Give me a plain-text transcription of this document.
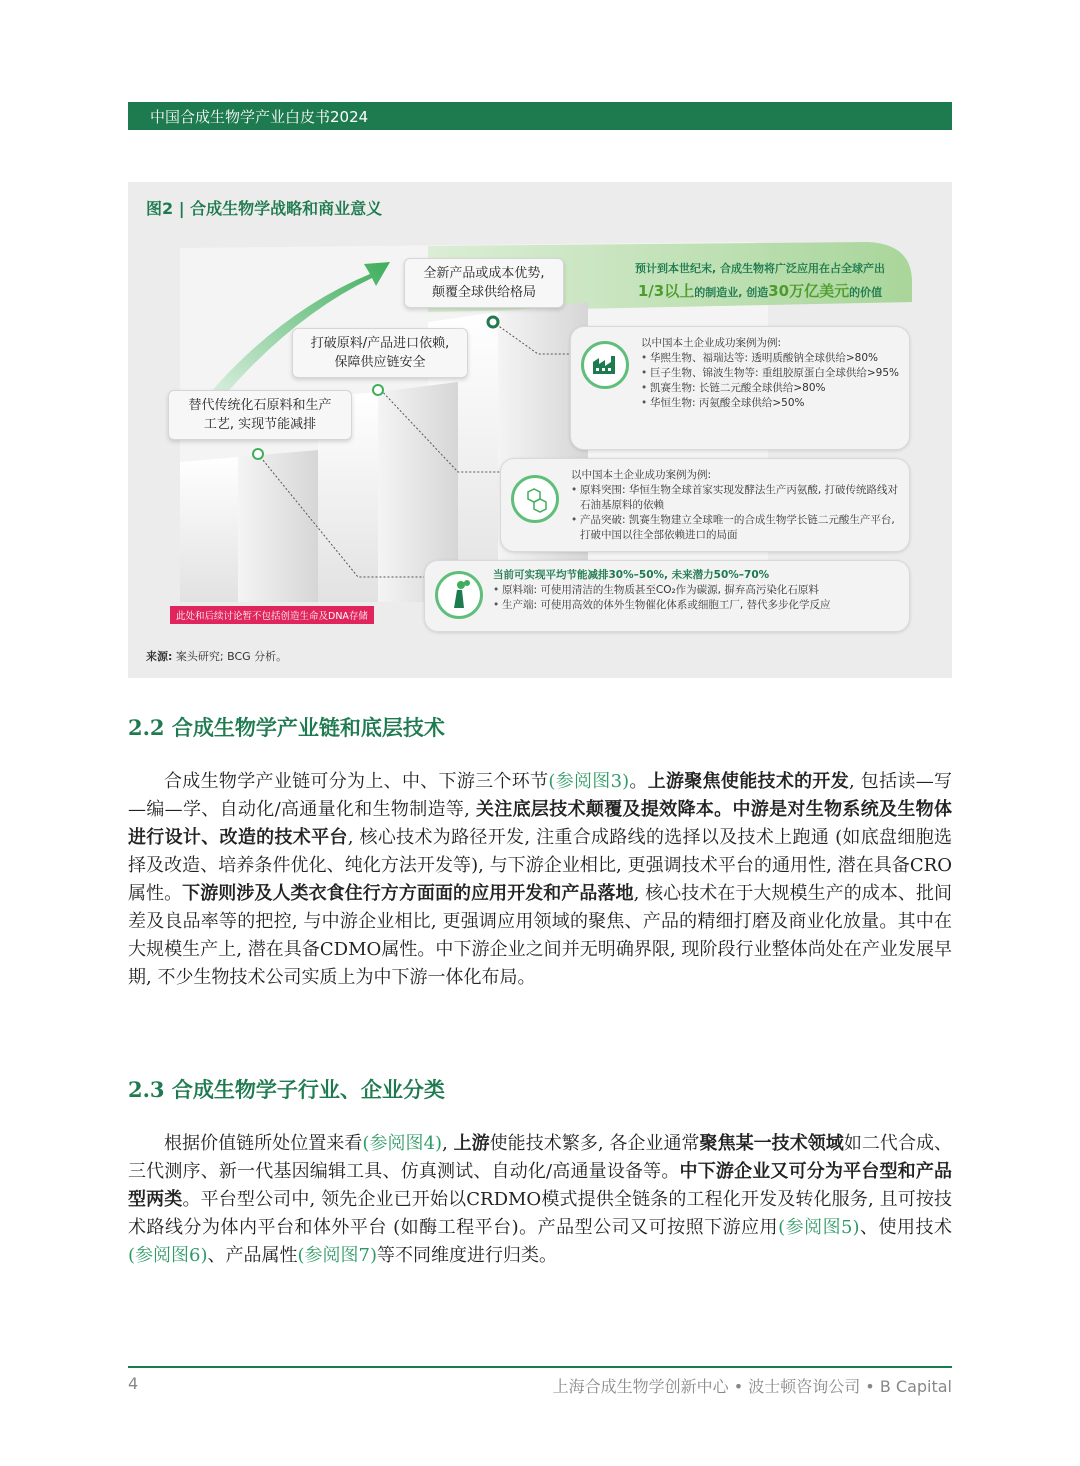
中国合成生物学产业白皮书2024
图2 | 合成生物学战略和商业意义
全新产品或成本优势,
颠覆全球供给格局
打破原料/产品进口依赖,
保障供应链安全
替代传统化石原料和生产
工艺, 实现节能减排
预计到本世纪末, 合成生物将广泛应用在占全球产出
1/3以上的制造业, 创造30万亿美元的价值
以中国本土企业成功案例为例:
• 华熙生物、福瑞达等: 透明质酸钠全球供给>80%
• 巨子生物、锦波生物等: 重组胶原蛋白全球供给>95%
• 凯赛生物: 长链二元酸全球供给>80%
• 华恒生物: 丙氨酸全球供给>50%
以中国本土企业成功案例为例:
• 原料突围: 华恒生物全球首家实现发酵法生产丙氨酸, 打破传统路线对石油基原料的依赖
• 产品突破: 凯赛生物建立全球唯一的合成生物学长链二元酸生产平台, 打破中国以往全部依赖进口的局面
当前可实现平均节能减排30%–50%, 未来潜力50%–70%
• 原料端: 可使用清洁的生物质甚至CO₂作为碳源, 摒弃高污染化石原料
• 生产端: 可使用高效的体外生物催化体系或细胞工厂, 替代多步化学反应
此处和后续讨论暂不包括创造生命及DNA存储
来源: 案头研究; BCG 分析。
2.2 合成生物学产业链和底层技术
合成生物学产业链可分为上、中、下游三个环节(参阅图3)。上游聚焦使能技术的开发, 包括读—写—编—学、自动化/高通量化和生物制造等, 关注底层技术颠覆及提效降本。中游是对生物系统及生物体进行设计、改造的技术平台, 核心技术为路径开发, 注重合成路线的选择以及技术上跑通 (如底盘细胞选择及改造、培养条件优化、纯化方法开发等), 与下游企业相比, 更强调技术平台的通用性, 潜在具备CRO属性。下游则涉及人类衣食住行方方面面的应用开发和产品落地, 核心技术在于大规模生产的成本、批间差及良品率等的把控, 与中游企业相比, 更强调应用领域的聚焦、产品的精细打磨及商业化放量。其中在大规模生产上, 潜在具备CDMO属性。中下游企业之间并无明确界限, 现阶段行业整体尚处在产业发展早期, 不少生物技术公司实质上为中下游一体化布局。
2.3 合成生物学子行业、企业分类
根据价值链所处位置来看(参阅图4), 上游使能技术繁多, 各企业通常聚焦某一技术领域如二代合成、三代测序、新一代基因编辑工具、仿真测试、自动化/高通量设备等。中下游企业又可分为平台型和产品型两类。平台型公司中, 领先企业已开始以CRDMO模式提供全链条的工程化开发及转化服务, 且可按技术路线分为体内平台和体外平台 (如酶工程平台)。产品型公司又可按照下游应用(参阅图5)、使用技术(参阅图6)、产品属性(参阅图7)等不同维度进行归类。
4	上海合成生物学创新中心 • 波士顿咨询公司 • B Capital
